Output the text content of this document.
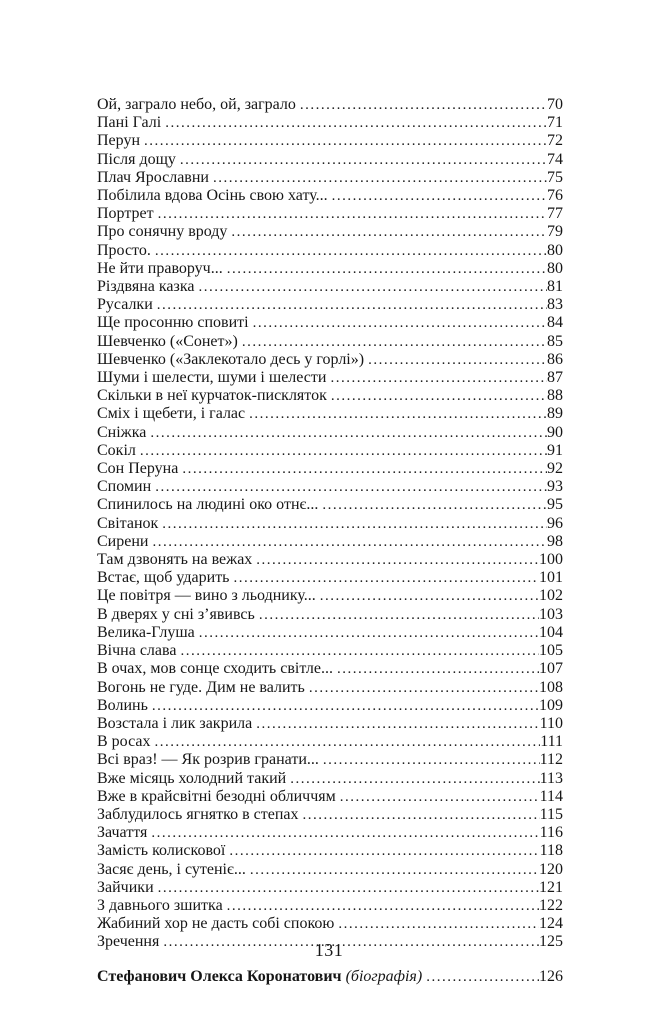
Ой, заграло небо, ой, заграло .....	70
Пані Галі .....	71
Перун .....	72
Після дощу .....	74
Плач Ярославни .....	75
Побілила вдова Осінь свою хату... .....	76
Портрет .....	77
Про сонячну вроду .....	79
Просто. .....	80
Не йти праворуч... .....	80
Різдвяна казка .....	81
Русалки .....	83
Ще просонню сповиті .....	84
Шевченко («Сонет») .....	85
Шевченко («Заклекотало десь у горлі») .....	86
Шуми і шелести, шуми і шелести .....	87
Скільки в неї курчаток-пискляток .....	88
Сміх і щебети, і галас .....	89
Сніжка .....	90
Сокіл .....	91
Сон Перуна .....	92
Спомин .....	93
Спинилось на людині око отнє... .....	95
Світанок .....	96
Сирени .....	98
Там дзвонять на вежах .....	100
Встає, щоб ударить .....	101
Це повітря — вино з льоднику... .....	102
В дверях у сні з’явивсь .....	103
Велика-Глуша .....	104
Вічна слава .....	105
В очах, мов сонце сходить світле... .....	107
Вогонь не гуде. Дим не валить .....	108
Волинь .....	109
Возстала і лик закрила .....	110
В росах .....	111
Всі враз! — Як розрив гранати... .....	112
Вже місяць холодний такий .....	113
Вже в крайсвітні безодні обличчям .....	114
Заблудилось ягнятко в степах .....	115
Зачаття .....	116
Замість колискової .....	118
Засяє день, і сутеніє... .....	120
Зайчики .....	121
З давнього зшитка .....	122
Жабиний хор не дасть собі спокою .....	124
Зречення .....	125
Стефанович Олекса Коронатович (біографія) .....	126
131
